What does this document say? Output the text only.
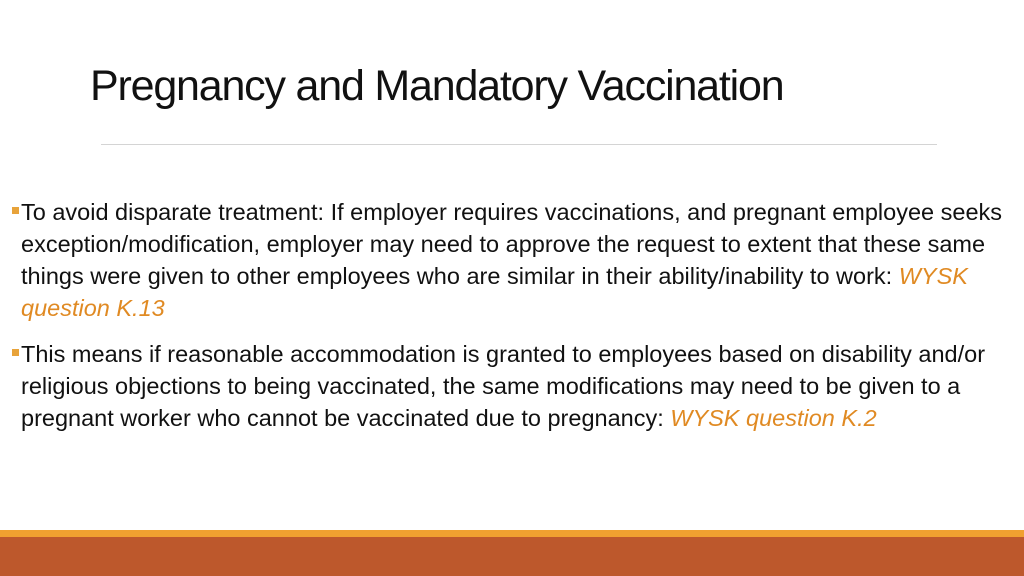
Pregnancy and Mandatory Vaccination
To avoid disparate treatment: If employer requires vaccinations, and pregnant employee seeks exception/modification, employer may need to approve the request to extent that these same things were given to other employees who are similar in their ability/inability to work: WYSK question K.13
This means if reasonable accommodation is granted to employees based on disability and/or religious objections to being vaccinated, the same modifications may need to be given to a pregnant worker who cannot be vaccinated due to pregnancy: WYSK question K.2
